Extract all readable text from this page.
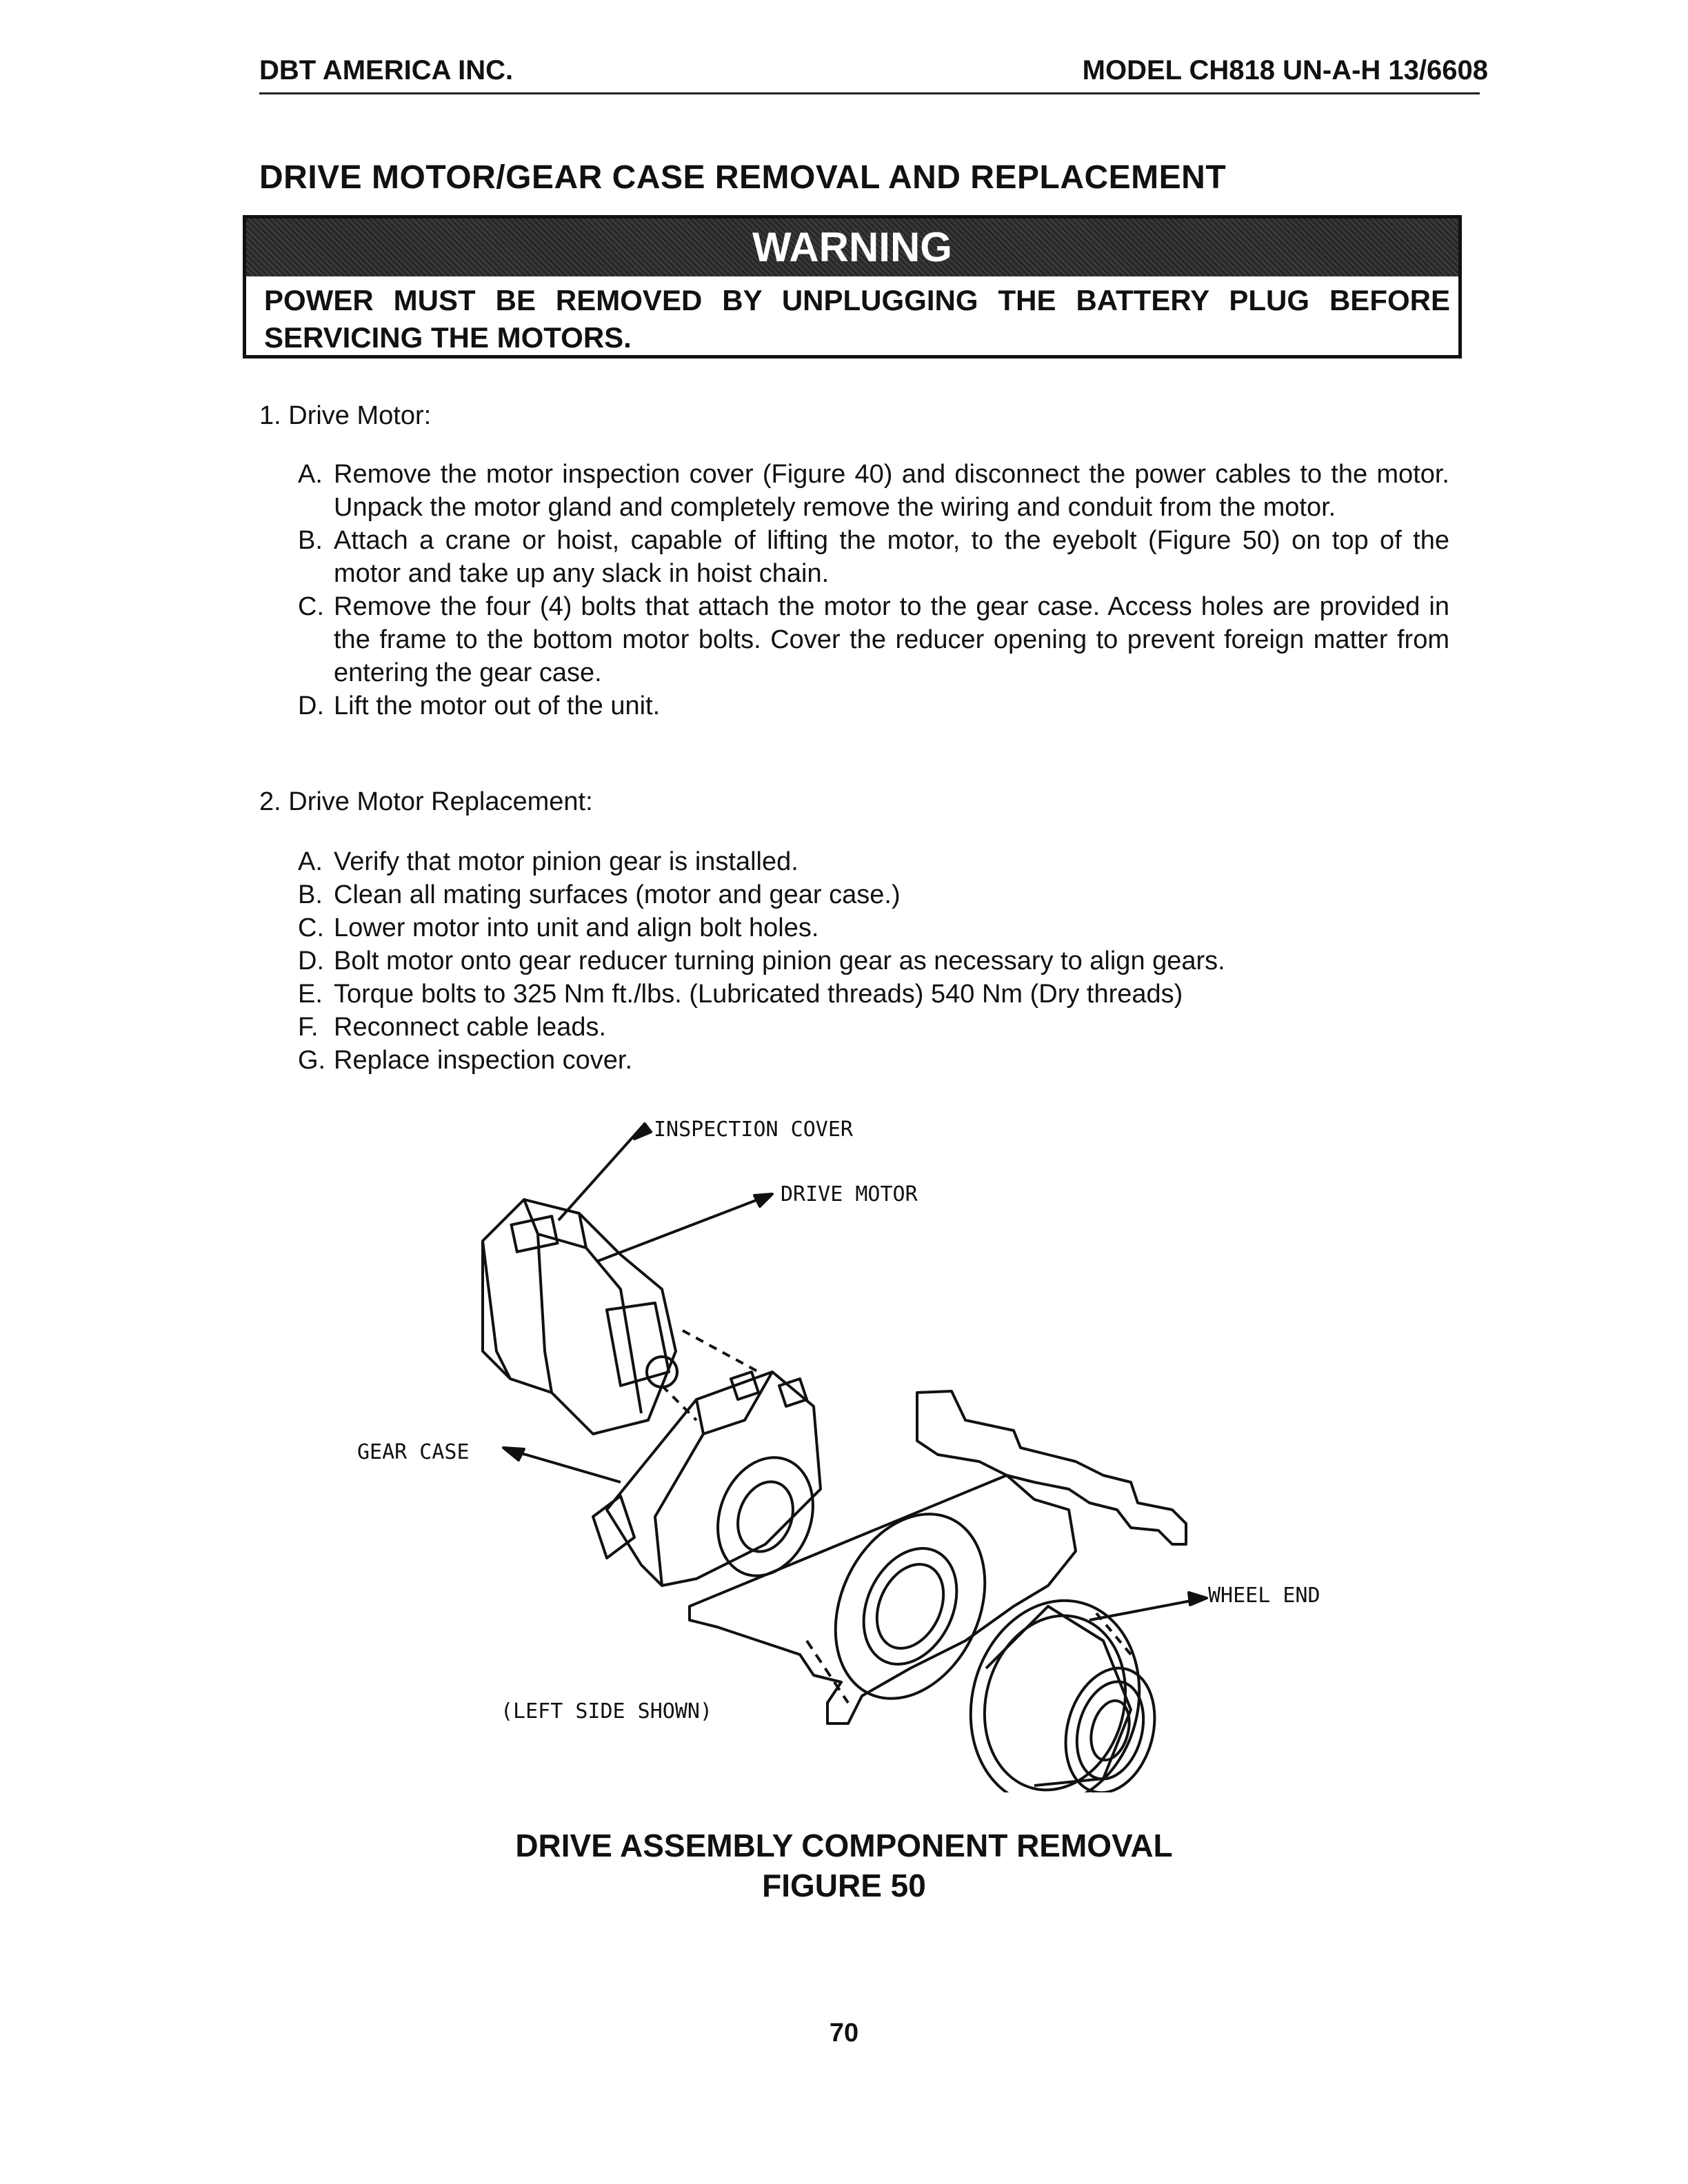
DBT AMERICA INC.	MODEL CH818 UN-A-H 13/6608
DRIVE MOTOR/GEAR CASE REMOVAL AND REPLACEMENT
WARNING
POWER MUST BE REMOVED BY UNPLUGGING THE BATTERY PLUG BEFORE SERVICING THE MOTORS.
1. Drive Motor:
A. Remove the motor inspection cover (Figure 40) and disconnect the power cables to the motor. Unpack the motor gland and completely remove the wiring and conduit from the motor.
B. Attach a crane or hoist, capable of lifting the motor, to the eyebolt (Figure 50) on top of the motor and take up any slack in hoist chain.
C. Remove the four (4) bolts that attach the motor to the gear case. Access holes are provided in the frame to the bottom motor bolts. Cover the reducer opening to prevent foreign matter from entering the gear case.
D. Lift the motor out of the unit.
2. Drive Motor Replacement:
A. Verify that motor pinion gear is installed.
B. Clean all mating surfaces (motor and gear case.)
C. Lower motor into unit and align bolt holes.
D. Bolt motor onto gear reducer turning pinion gear as necessary to align gears.
E. Torque bolts to 325 Nm ft./lbs. (Lubricated threads) 540 Nm (Dry threads)
F. Reconnect cable leads.
G. Replace inspection cover.
INSPECTION COVER
DRIVE MOTOR
GEAR CASE
WHEEL END
(LEFT SIDE SHOWN)
DRIVE ASSEMBLY COMPONENT REMOVAL
FIGURE 50
70
